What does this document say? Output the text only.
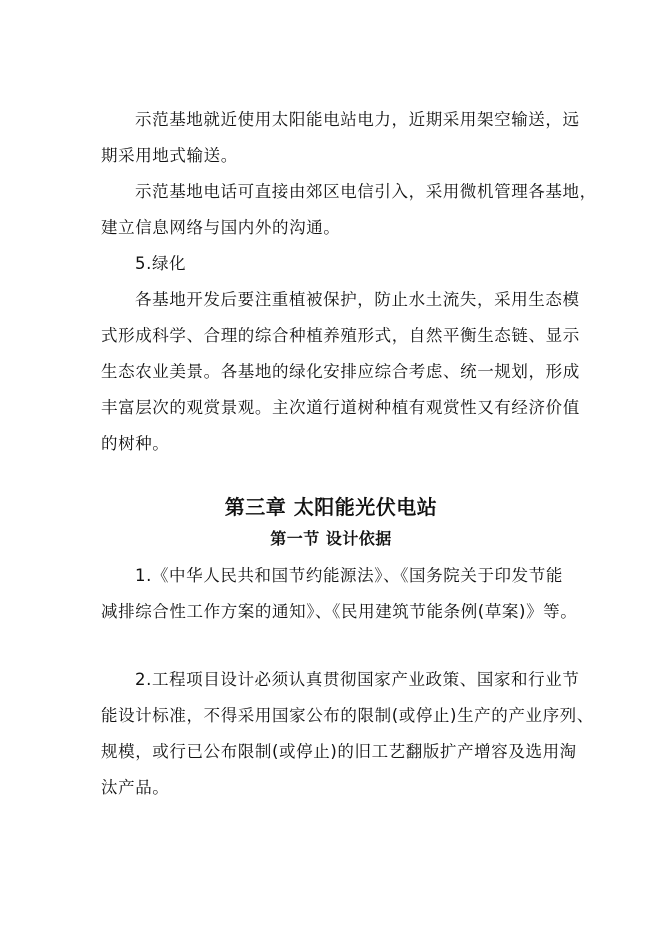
示范基地就近使用太阳能电站电力，近期采用架空输送，远
期采用地式输送。
示范基地电话可直接由郊区电信引入，采用微机管理各基地，
建立信息网络与国内外的沟通。
5.绿化
各基地开发后要注重植被保护，防止水土流失，采用生态模
式形成科学、合理的综合种植养殖形式，自然平衡生态链、显示
生态农业美景。各基地的绿化安排应综合考虑、统一规划，形成
丰富层次的观赏景观。主次道行道树种植有观赏性又有经济价值
的树种。
第三章 太阳能光伏电站
第一节 设计依据
1.《中华人民共和国节约能源法》、《国务院关于印发节能
减排综合性工作方案的通知》、《民用建筑节能条例(草案)》等。
2.工程项目设计必须认真贯彻国家产业政策、国家和行业节
能设计标准，不得采用国家公布的限制(或停止)生产的产业序列、
规模，或行已公布限制(或停止)的旧工艺翻版扩产增容及选用淘
汰产品。
